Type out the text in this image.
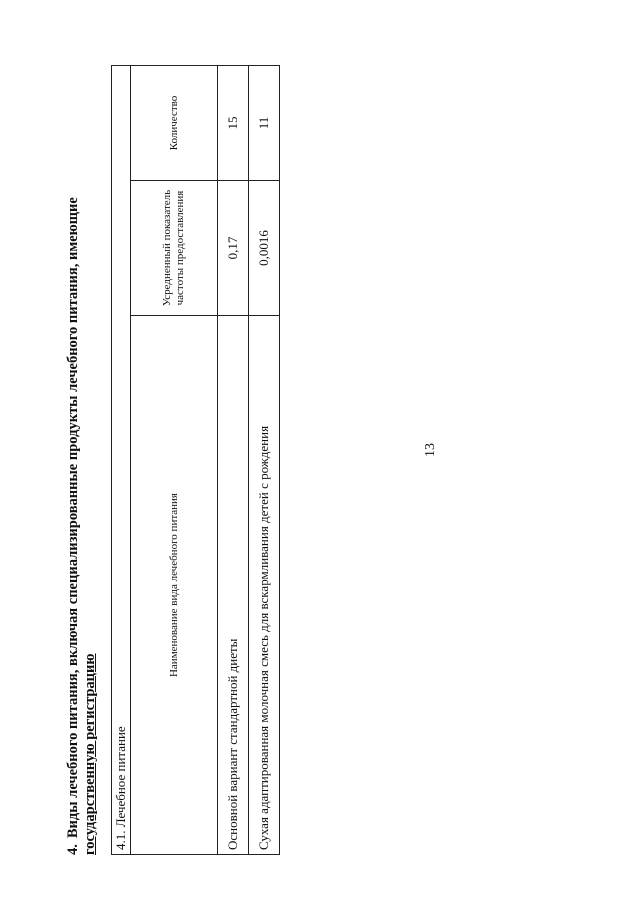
4.Виды лечебного питания, включая специализированные продукты лечебного питания, имеющие
государственную регистрацию 4.1. Лечебное питание		
Наименование вида лечебного питания	Усредненный показатель частоты предоставления	Количество
Основной вариант стандартной диеты	0,17	15
Сухая адаптированная молочная смесь для вскармливания детей с рождения	0,0016	11
13
